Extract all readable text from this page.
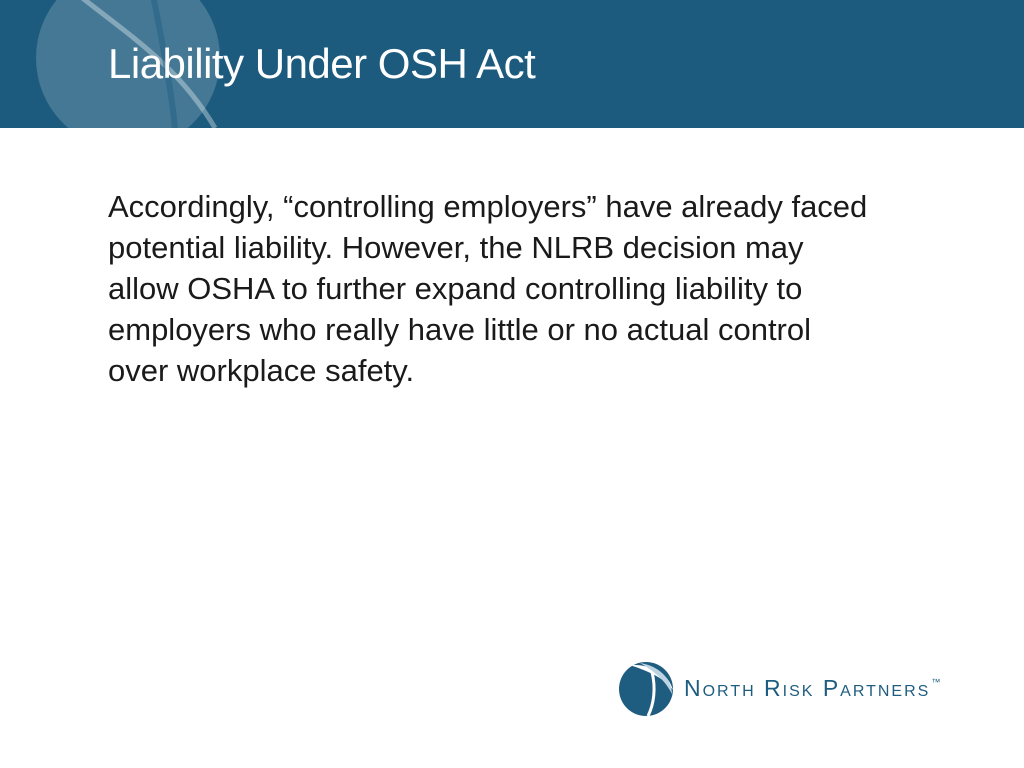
Liability Under OSH Act

Accordingly, “controlling employers” have already faced
potential liability. However, the NLRB decision may
allow OSHA to further expand controlling liability to
employers who really have little or no actual control
over workplace safety.

North Risk Partners™
